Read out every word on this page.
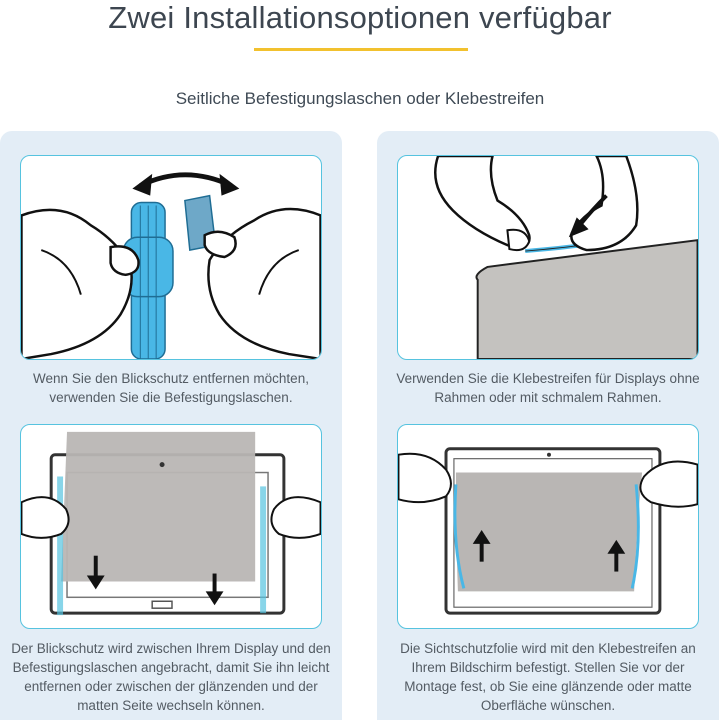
Zwei Installationsoptionen verfügbar
Seitliche Befestigungslaschen oder Klebestreifen
Wenn Sie den Blickschutz entfernen möchten, verwenden Sie die Befestigungslaschen.
Der Blickschutz wird zwischen Ihrem Display und den Befestigungslaschen angebracht, damit Sie ihn leicht entfernen oder zwischen der glänzenden und der matten Seite wechseln können.
Verwenden Sie die Klebestreifen für Displays ohne Rahmen oder mit schmalem Rahmen.
Die Sichtschutzfolie wird mit den Klebestreifen an Ihrem Bildschirm befestigt. Stellen Sie vor der Montage fest, ob Sie eine glänzende oder matte Oberfläche wünschen.
